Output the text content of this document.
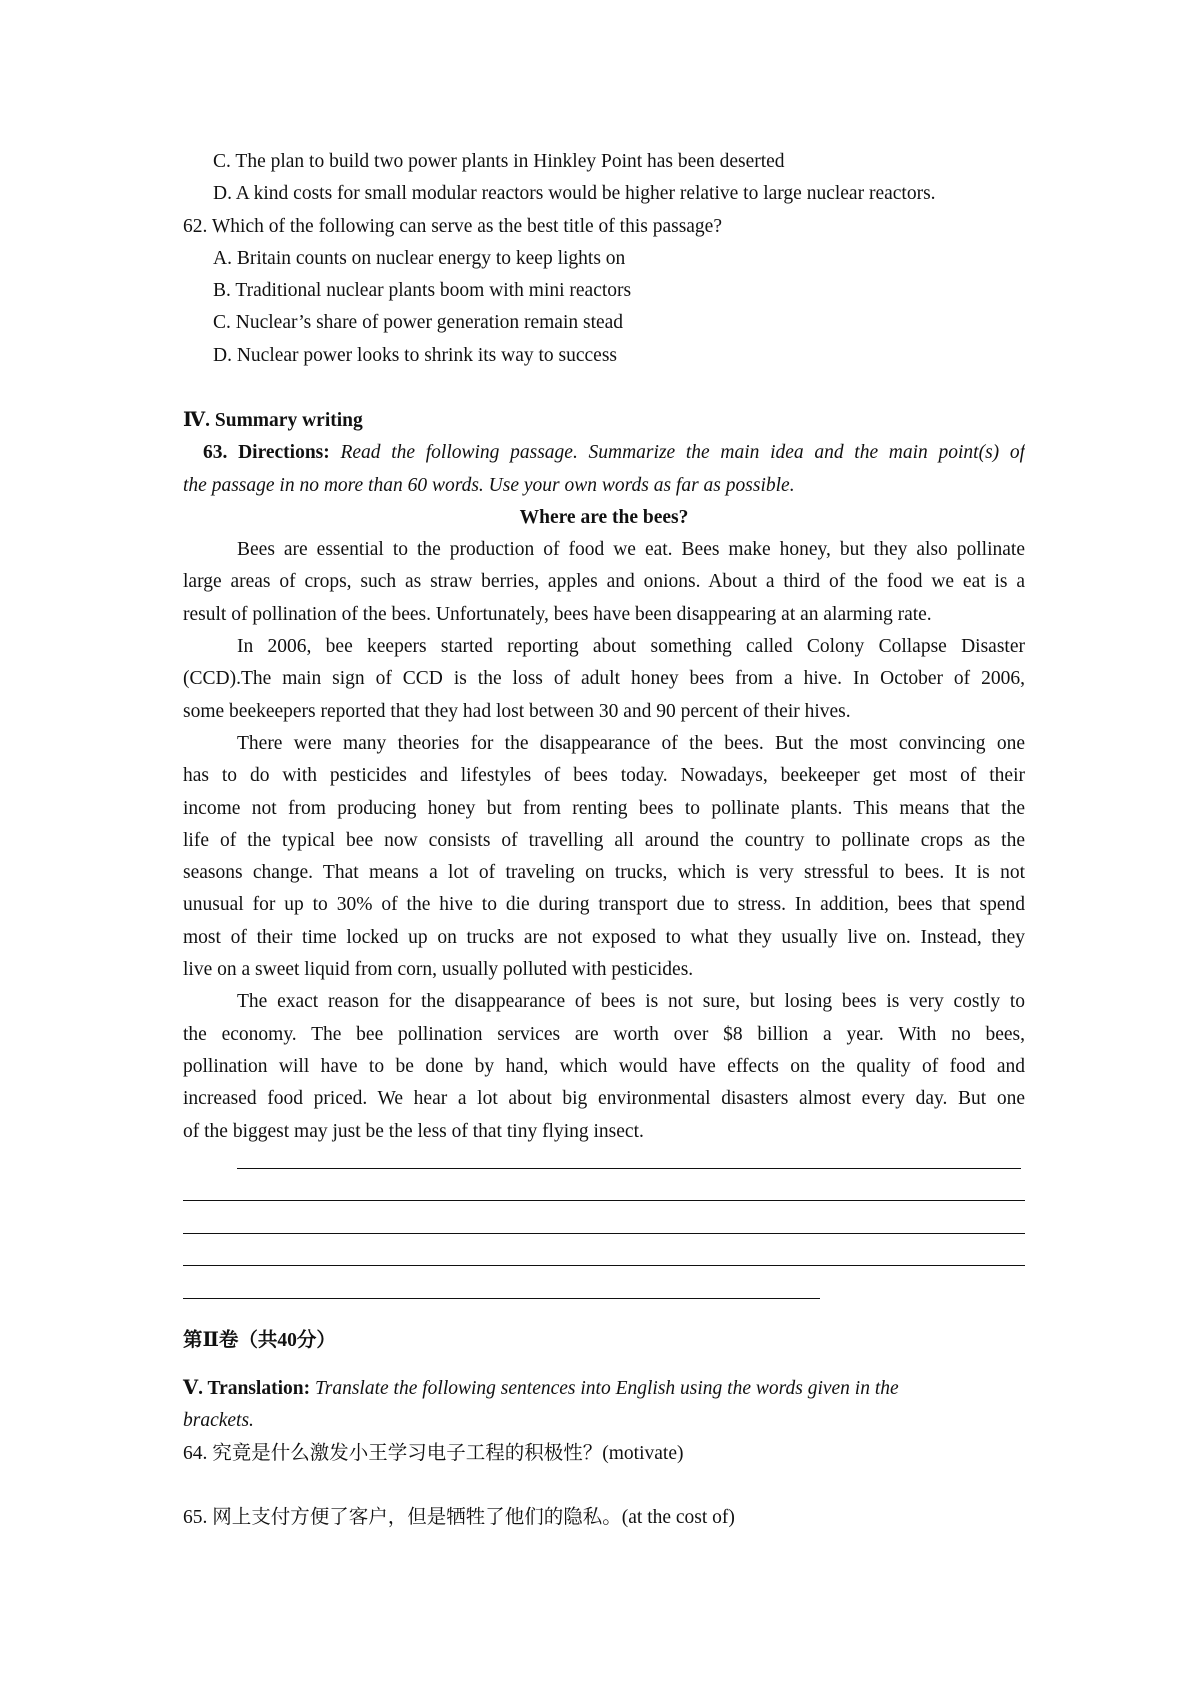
C. The plan to build two power plants in Hinkley Point has been deserted
D. A kind costs for small modular reactors would be higher relative to large nuclear reactors.
62. Which of the following can serve as the best title of this passage?
A. Britain counts on nuclear energy to keep lights on
B. Traditional nuclear plants boom with mini reactors
C. Nuclear’s share of power generation remain stead
D. Nuclear power looks to shrink its way to success
Ⅳ. Summary writing
63. Directions: Read the following passage. Summarize the main idea and the main point(s) of
the passage in no more than 60 words. Use your own words as far as possible.
Where are the bees?
Bees are essential to the production of food we eat. Bees make honey, but they also pollinate
large areas of crops, such as straw berries, apples and onions. About a third of the food we eat is a
result of pollination of the bees. Unfortunately, bees have been disappearing at an alarming rate.
In 2006, bee keepers started reporting about something called Colony Collapse Disaster
(CCD).The main sign of CCD is the loss of adult honey bees from a hive. In October of 2006,
some beekeepers reported that they had lost between 30 and 90 percent of their hives.
There were many theories for the disappearance of the bees. But the most convincing one
has to do with pesticides and lifestyles of bees today. Nowadays, beekeeper get most of their
income not from producing honey but from renting bees to pollinate plants. This means that the
life of the typical bee now consists of travelling all around the country to pollinate crops as the
seasons change. That means a lot of traveling on trucks, which is very stressful to bees. It is not
unusual for up to 30% of the hive to die during transport due to stress. In addition, bees that spend
most of their time locked up on trucks are not exposed to what they usually live on. Instead, they
live on a sweet liquid from corn, usually polluted with pesticides.
The exact reason for the disappearance of bees is not sure, but losing bees is very costly to
the economy. The bee pollination services are worth over $8 billion a year. With no bees,
pollination will have to be done by hand, which would have effects on the quality of food and
increased food priced. We hear a lot about big environmental disasters almost every day. But one
of the biggest may just be the less of that tiny flying insect.
第Ⅱ卷（共40分）
Ⅴ. Translation: Translate the following sentences into English using the words given in the
brackets.
64. 究竟是什么激发小王学习电子工程的积极性？(motivate)
65. 网上支付方便了客户，但是牺牲了他们的隐私。(at the cost of)
